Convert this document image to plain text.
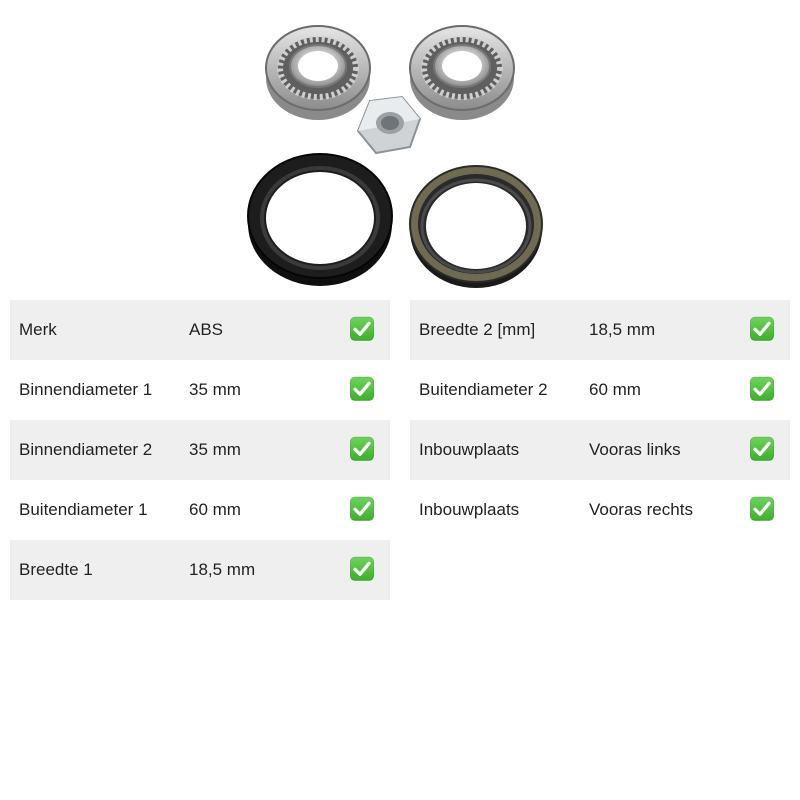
Merk	ABS
Binnendiameter 1 35 mm
Binnendiameter 2 35 mm
Buitendiameter 1 60 mm
Breedte 1	18,5 mm
Breedte 2 [mm]	18,5 mm
Buitendiameter 2 60 mm
Inbouwplaats	Vooras links
Inbouwplaats	Vooras rechts
